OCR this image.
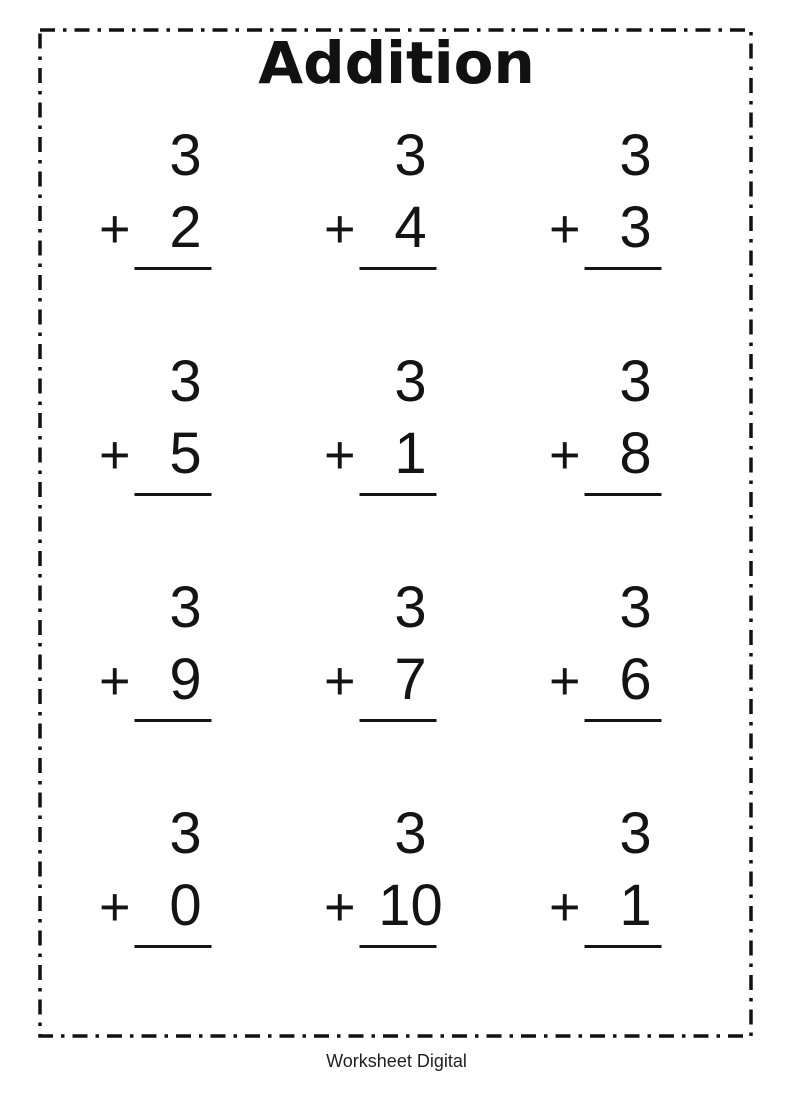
Addition
3
+ 2
3
+ 4
3
+ 3
3
+ 5
3
+ 1
3
+ 8
3
+ 9
3
+ 7
3
+ 6
3
+ 0
3
+ 10
3
+ 1
Worksheet Digital
